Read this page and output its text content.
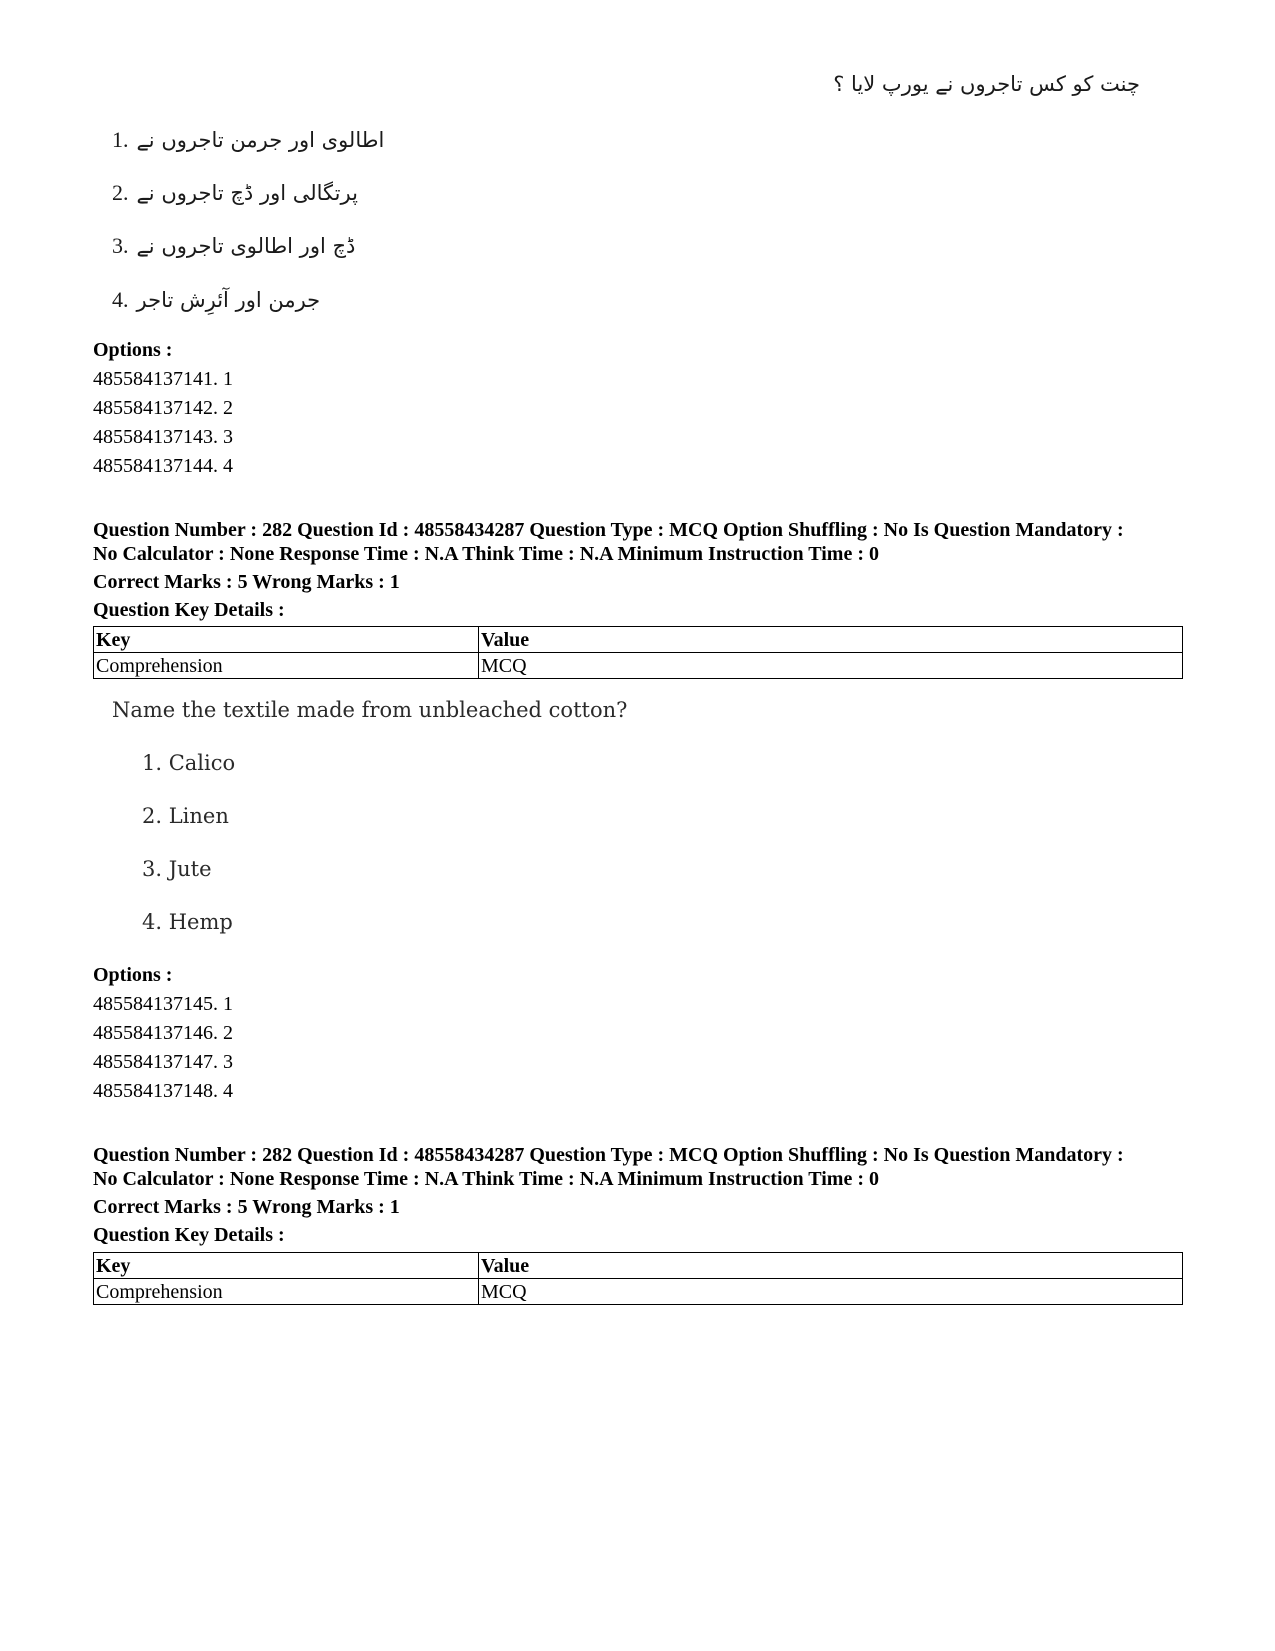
چنت کو کس تاجروں نے یورپ لایا ؟
1. اطالوی اور جرمن تاجروں نے
2. پرتگالی اور ڈچ تاجروں نے
3. ڈچ اور اطالوی تاجروں نے
4. جرمن اور آئرِش تاجر
Options :
485584137141. 1
485584137142. 2
485584137143. 3
485584137144. 4
Question Number : 282 Question Id : 48558434287 Question Type : MCQ Option Shuffling : No Is Question Mandatory :
No Calculator : None Response Time : N.A Think Time : N.A Minimum Instruction Time : 0
Correct Marks : 5 Wrong Marks : 1
Question Key Details :
Key	Value
Comprehension	MCQ
Name the textile made from unbleached cotton?
1. Calico
2. Linen
3. Jute
4. Hemp
Options :
485584137145. 1
485584137146. 2
485584137147. 3
485584137148. 4
Question Number : 282 Question Id : 48558434287 Question Type : MCQ Option Shuffling : No Is Question Mandatory :
No Calculator : None Response Time : N.A Think Time : N.A Minimum Instruction Time : 0
Correct Marks : 5 Wrong Marks : 1
Question Key Details :
Key	Value
Comprehension	MCQ
